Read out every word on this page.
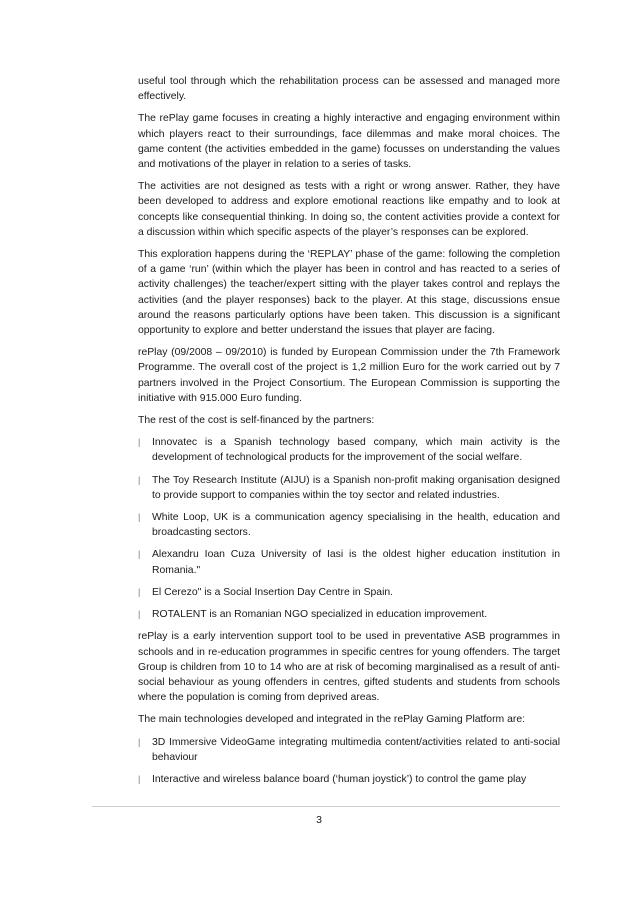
useful tool through which the rehabilitation process can be assessed and managed more effectively.

The rePlay game focuses in creating a highly interactive and engaging environment within which players react to their surroundings, face dilemmas and make moral choices. The game content (the activities embedded in the game) focusses on understanding the values and motivations of the player in relation to a series of tasks.

The activities are not designed as tests with a right or wrong answer. Rather, they have been developed to address and explore emotional reactions like empathy and to look at concepts like consequential thinking. In doing so, the content activities provide a context for a discussion within which specific aspects of the player’s responses can be explored.

This exploration happens during the ‘REPLAY’ phase of the game: following the completion of a game ‘run’ (within which the player has been in control and has reacted to a series of activity challenges) the teacher/expert sitting with the player takes control and replays the activities (and the player responses) back to the player. At this stage, discussions ensue around the reasons particularly options have been taken. This discussion is a significant opportunity to explore and better understand the issues that player are facing.

rePlay (09/2008 – 09/2010) is funded by European Commission under the 7th Framework Programme. The overall cost of the project is 1,2 million Euro for the work carried out by 7 partners involved in the Project Consortium. The European Commission is supporting the initiative with 915.000 Euro funding.

The rest of the cost is self-financed by the partners:

| Innovatec is a Spanish technology based company, which main activity is the development of technological products for the improvement of the social welfare.
| The Toy Research Institute (AIJU) is a Spanish non-profit making organisation designed to provide support to companies within the toy sector and related industries.
| White Loop, UK is a communication agency specialising in the health, education and broadcasting sectors.
| Alexandru Ioan Cuza University of Iasi is the oldest higher education institution in Romania."
| El Cerezo" is a Social Insertion Day Centre in Spain.
| ROTALENT is an Romanian NGO specialized in education improvement.

rePlay is a early intervention support tool to be used in preventative ASB programmes in schools and in re-education programmes in specific centres for young offenders. The target Group is children from 10 to 14 who are at risk of becoming marginalised as a result of anti-social behaviour as young offenders in centres, gifted students and students from schools where the population is coming from deprived areas.

The main technologies developed and integrated in the rePlay Gaming Platform are:

| 3D Immersive VideoGame integrating multimedia content/activities related to anti-social behaviour
| Interactive and wireless balance board (‘human joystick’) to control the game play
3
